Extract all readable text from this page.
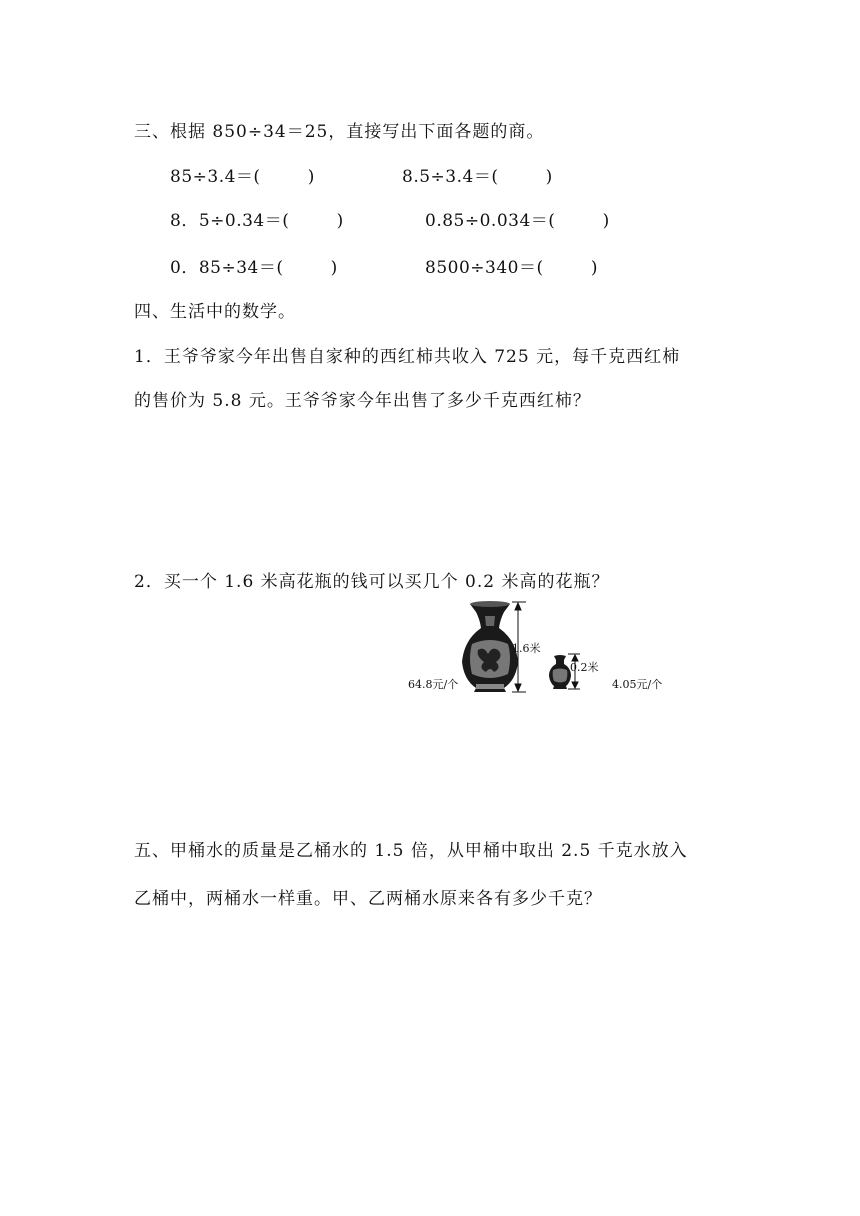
三、根据 850÷34＝25，直接写出下面各题的商。
85÷3.4＝(        )	8.5÷3.4＝(        )
8．5÷0.34＝(        )	0.85÷0.034＝(        )
0．85÷34＝(        )	8500÷340＝(        )
四、生活中的数学。
1．王爷爷家今年出售自家种的西红柿共收入 725 元，每千克西红柿
的售价为 5.8 元。王爷爷家今年出售了多少千克西红柿？
2．买一个 1.6 米高花瓶的钱可以买几个 0.2 米高的花瓶？
1.6米
64.8元/个
0.2米
4.05元/个
五、甲桶水的质量是乙桶水的 1.5 倍，从甲桶中取出 2.5 千克水放入
乙桶中，两桶水一样重。甲、乙两桶水原来各有多少千克？
